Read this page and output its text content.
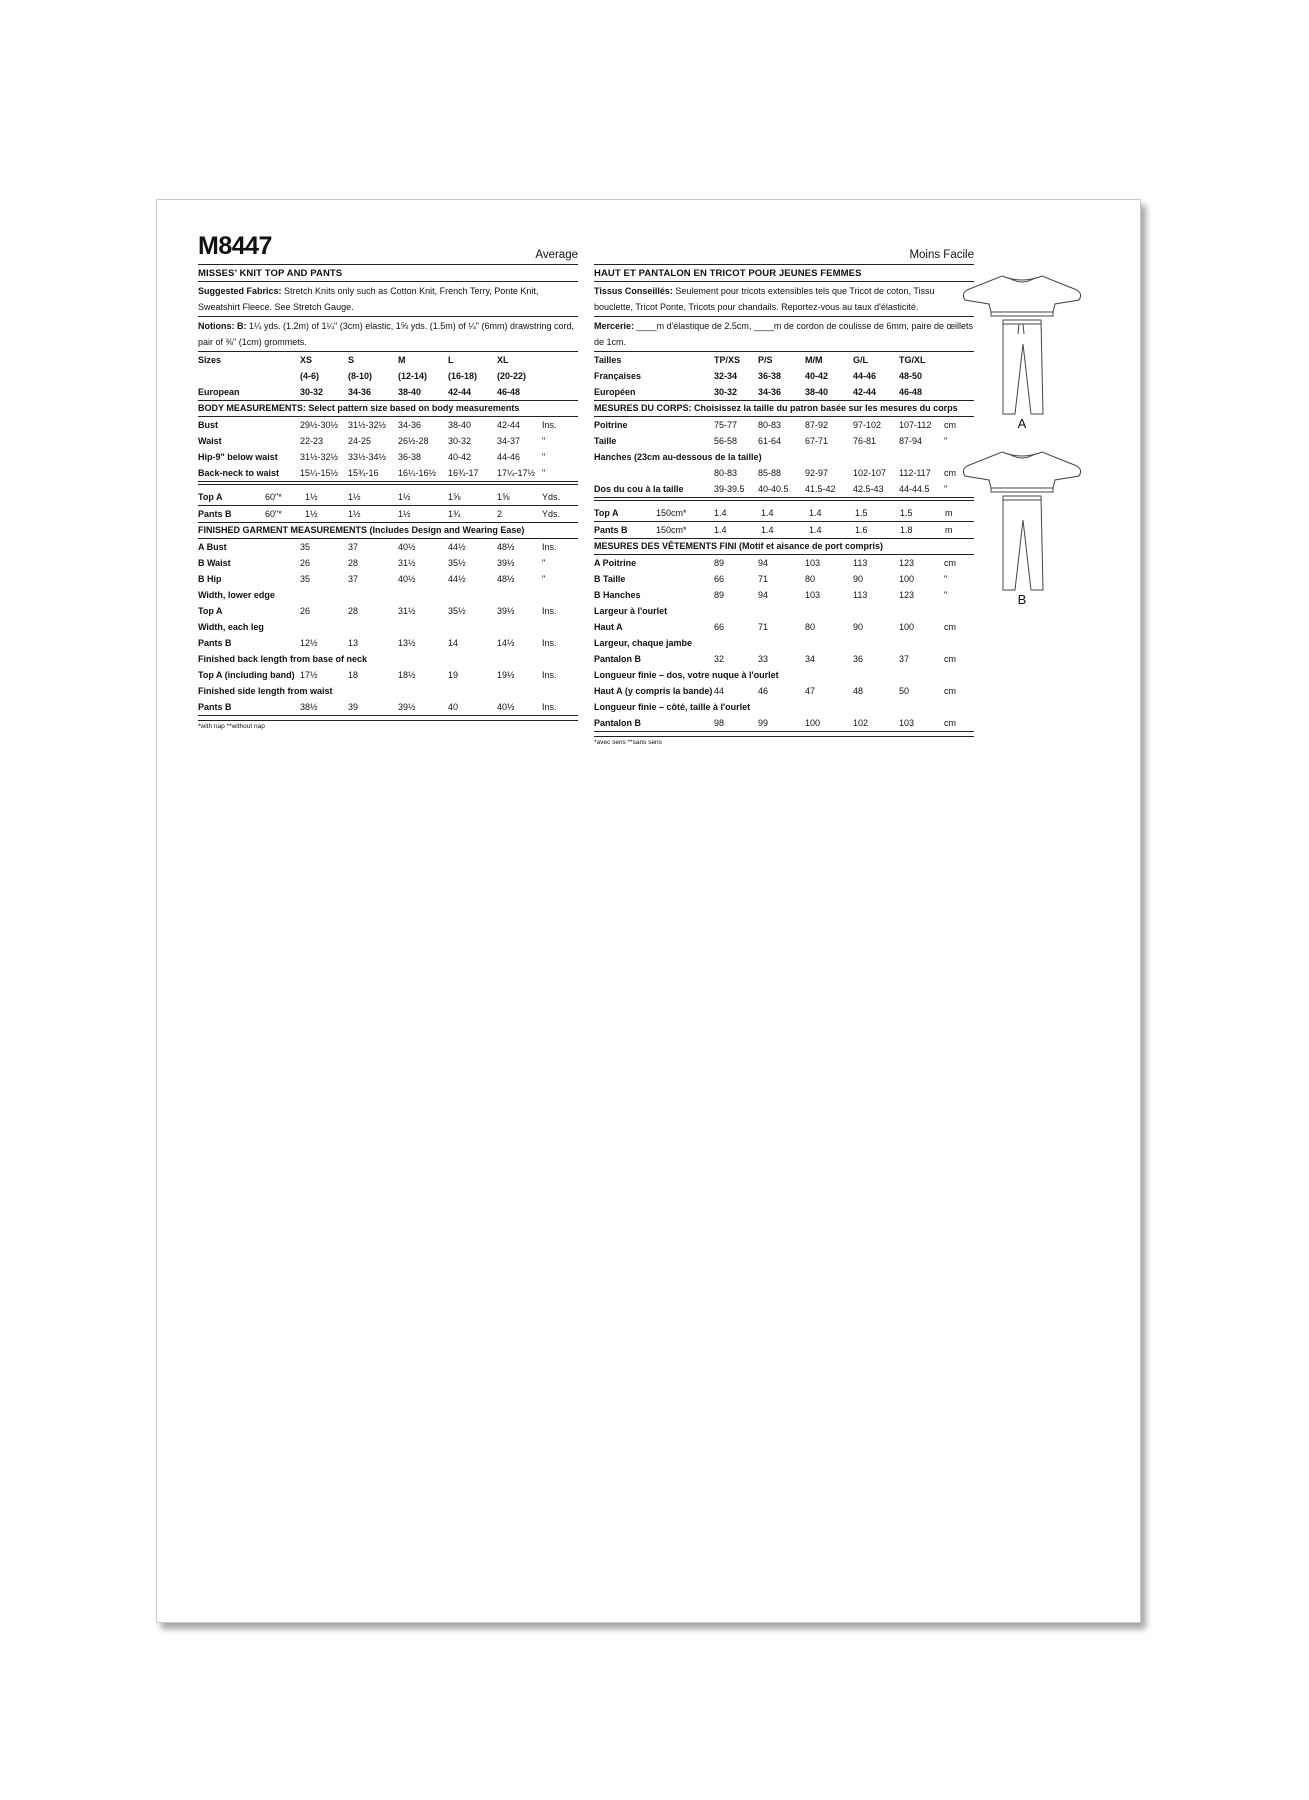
M8447	Average
MISSES’ KNIT TOP AND PANTS
Suggested Fabrics: Stretch Knits only such as Cotton Knit, French Terry, Ponte Knit, Sweatshirt Fleece. See Stretch Gauge.
Notions: B: 1¼ yds. (1.2m) of 1¼" (3cm) elastic, 1⅝ yds. (1.5m) of ¼" (6mm) drawstring cord, pair of ⅜" (1cm) grommets.
Sizes	XS	S	M	L	XL
(4-6)	(8-10)	(12-14)	(16-18)	(20-22)
European	30-32	34-36	38-40	42-44	46-48
BODY MEASUREMENTS: Select pattern size based on body measurements
Bust	29½-30½	31½-32½	34-36	38-40	42-44	Ins.
Waist	22-23	24-25	26½-28	30-32	34-37	"
Hip-9" below waist	31½-32½	33½-34½	36-38	40-42	44-46	"
Back-neck to waist	15¼-15½	15¾-16	16¼-16½	16¾-17	17¼-17½ "
Top A	60"*	1½	1½	1½	1⅝	1⅝	Yds.
Pants B	60"*	1½	1½	1½	1¾	2	Yds.
FINISHED GARMENT MEASUREMENTS (Includes Design and Wearing Ease)
A Bust	35	37	40½	44½	48½	Ins.
B Waist	26	28	31½	35½	39½	"
B Hip	35	37	40½	44½	48½	"
Width, lower edge
Top A	26	28	31½	35½	39½	Ins.
Width, each leg
Pants B	12½	13	13½	14	14½	Ins.
Finished back length from base of neck
Top A (including band) 17½	18	18½	19	19½	Ins.
Finished side length from waist
Pants B	38½	39	39½	40	40½	Ins.
*with nap **without nap
Moins Facile
HAUT ET PANTALON EN TRICOT POUR JEUNES FEMMES
Tissus Conseillés: Seulement pour tricots extensibles tels que Tricot de coton, Tissu bouclette, Tricot Ponte, Tricots pour chandails. Reportez-vous au taux d'élasticité.
Mercerie: ____m d'élastique de 2.5cm, ____m de cordon de coulisse de 6mm, paire de œillets de 1cm.
Tailles	TP/XS	P/S	M/M	G/L	TG/XL
Françaises	32-34	36-38	40-42	44-46	48-50
Européen	30-32	34-36	38-40	42-44	46-48
MESURES DU CORPS: Choisissez la taille du patron basée sur les mesures du corps
Poitrine	75-77	80-83	87-92	97-102	107-112	cm
Taille	56-58	61-64	67-71	76-81	87-94	"
Hanches (23cm au-dessous de la taille)
80-83	85-88	92-97	102-107	112-117	cm
Dos du cou à la taille	39-39.5	40-40.5	41.5-42	42.5-43	44-44.5	"
Top A	150cm*	1.4	1.4	1.4	1.5	1.5	m
Pants B	150cm*	1.4	1.4	1.4	1.6	1.8	m
MESURES DES VÊTEMENTS FINI (Motif et aisance de port compris)
A Poitrine	89	94	103	113	123	cm
B Taille	66	71	80	90	100	"
B Hanches	89	94	103	113	123	"
Largeur à l'ourlet
Haut A	66	71	80	90	100	cm
Largeur, chaque jambe
Pantalon B	32	33	34	36	37	cm
Longueur finie – dos, votre nuque à l'ourlet
Haut A (y compris la bande) 44	46	47	48	50	cm
Longueur finie – côté, taille à l'ourlet
Pantalon B	98	99	100	102	103	cm
*avec sens **sans sens
A
B
